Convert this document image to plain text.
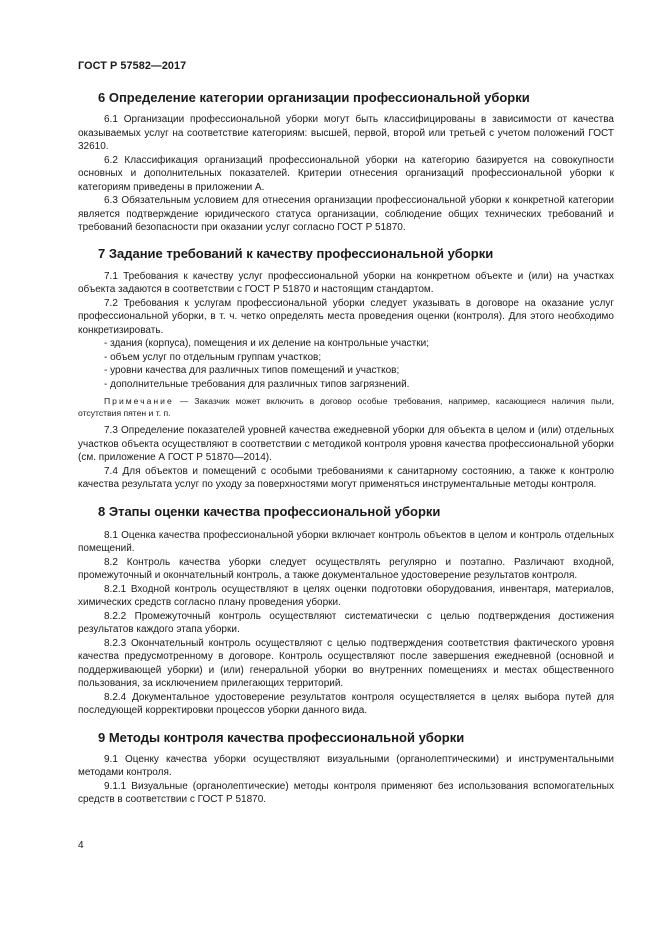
ГОСТ Р 57582—2017
6 Определение категории организации профессиональной уборки

6.1 Организации профессиональной уборки могут быть классифицированы в зависимости от качества оказываемых услуг на соответствие категориям: высшей, первой, второй или третьей с учетом положений ГОСТ 32610.

6.2 Классификация организаций профессиональной уборки на категорию базируется на совокупности основных и дополнительных показателей. Критерии отнесения организаций профессиональной уборки к категориям приведены в приложении А.

6.3 Обязательным условием для отнесения организации профессиональной уборки к конкретной категории является подтверждение юридического статуса организации, соблюдение общих технических требований и требований безопасности при оказании услуг согласно ГОСТ Р 51870.

7 Задание требований к качеству профессиональной уборки

7.1 Требования к качеству услуг профессиональной уборки на конкретном объекте и (или) на участках объекта задаются в соответствии с ГОСТ Р 51870 и настоящим стандартом.

7.2 Требования к услугам профессиональной уборки следует указывать в договоре на оказание услуг профессиональной уборки, в т. ч. четко определять места проведения оценки (контроля). Для этого необходимо конкретизировать.

- здания (корпуса), помещения и их деление на контрольные участки;

- объем услуг по отдельным группам участков;

- уровни качества для различных типов помещений и участков;

- дополнительные требования для различных типов загрязнений.

Примечание — Заказчик может включить в договор особые требования, например, касающиеся наличия пыли, отсутствия пятен и т. п.

7.3 Определение показателей уровней качества ежедневной уборки для объекта в целом и (или) отдельных участков объекта осуществляют в соответствии с методикой контроля уровня качества профессиональной уборки (см. приложение А ГОСТ Р 51870—2014).

7.4 Для объектов и помещений с особыми требованиями к санитарному состоянию, а также к контролю качества результата услуг по уходу за поверхностями могут применяться инструментальные методы контроля.

8 Этапы оценки качества профессиональной уборки

8.1 Оценка качества профессиональной уборки включает контроль объектов в целом и контроль отдельных помещений.

8.2 Контроль качества уборки следует осуществлять регулярно и поэтапно. Различают входной, промежуточный и окончательный контроль, а также документальное удостоверение результатов контроля.

8.2.1 Входной контроль осуществляют в целях оценки подготовки оборудования, инвентаря, материалов, химических средств согласно плану проведения уборки.

8.2.2 Промежуточный контроль осуществляют систематически с целью подтверждения достижения результатов каждого этапа уборки.

8.2.3 Окончательный контроль осуществляют с целью подтверждения соответствия фактического уровня качества предусмотренному в договоре. Контроль осуществляют после завершения ежедневной (основной и поддерживающей уборки) и (или) генеральной уборки во внутренних помещениях и местах общественного пользования, за исключением прилегающих территорий.

8.2.4 Документальное удостоверение результатов контроля осуществляется в целях выбора путей для последующей корректировки процессов уборки данного вида.

9 Методы контроля качества профессиональной уборки

9.1 Оценку качества уборки осуществляют визуальными (органолептическими) и инструментальными методами контроля.

9.1.1 Визуальные (органолептические) методы контроля применяют без использования вспомогательных средств в соответствии с ГОСТ Р 51870.

4
